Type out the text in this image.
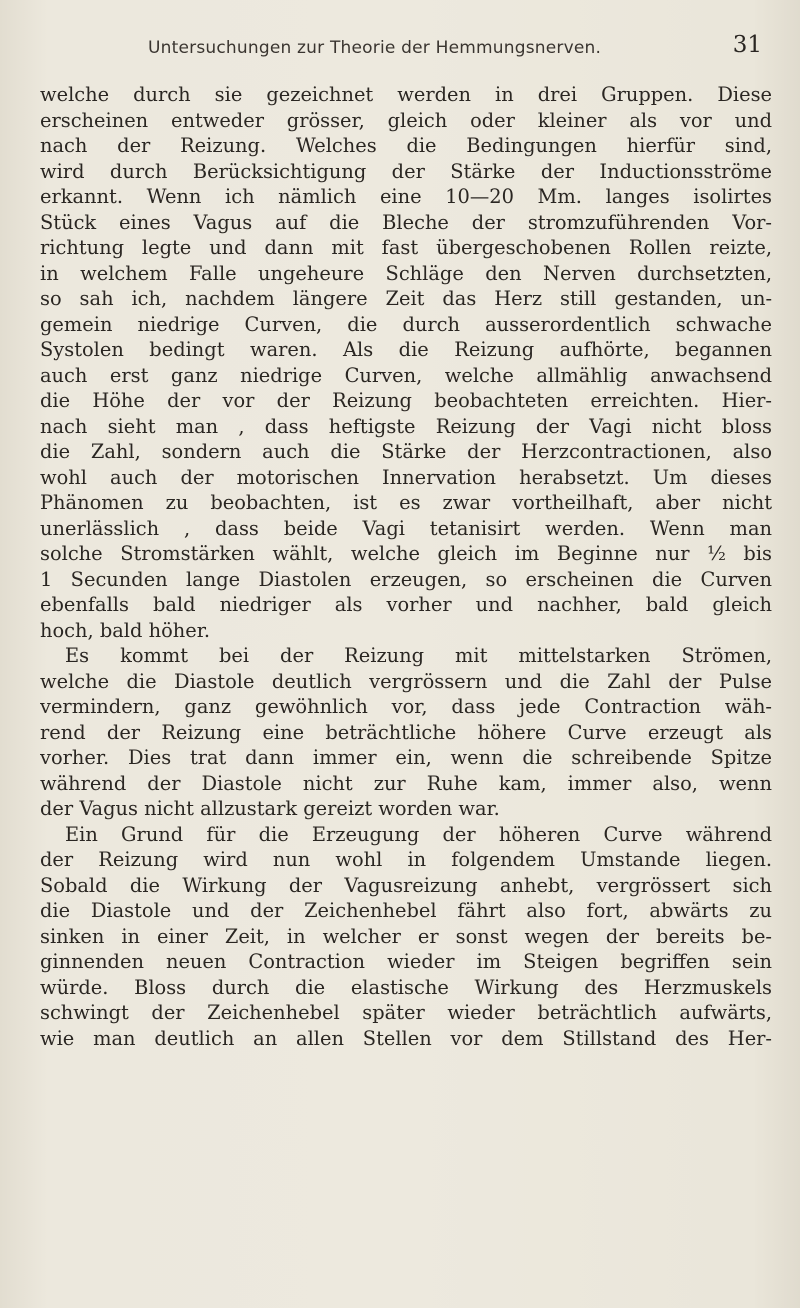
Untersuchungen zur Theorie der Hemmungsnerven.	31
welche durch sie gezeichnet werden in drei Gruppen. Diese
erscheinen entweder grösser, gleich oder kleiner als vor und
nach der Reizung. Welches die Bedingungen hierfür sind,
wird durch Berücksichtigung der Stärke der Inductionsströme
erkannt. Wenn ich nämlich eine 10—20 Mm. langes isolirtes
Stück eines Vagus auf die Bleche der stromzuführenden Vor-
richtung legte und dann mit fast übergeschobenen Rollen reizte,
in welchem Falle ungeheure Schläge den Nerven durchsetzten,
so sah ich, nachdem längere Zeit das Herz still gestanden, un-
gemein niedrige Curven, die durch ausserordentlich schwache
Systolen bedingt waren. Als die Reizung aufhörte, begannen
auch erst ganz niedrige Curven, welche allmählig anwachsend
die Höhe der vor der Reizung beobachteten erreichten. Hier-
nach sieht man , dass heftigste Reizung der Vagi nicht bloss
die Zahl, sondern auch die Stärke der Herzcontractionen, also
wohl auch der motorischen Innervation herabsetzt. Um dieses
Phänomen zu beobachten, ist es zwar vortheilhaft, aber nicht
unerlässlich , dass beide Vagi tetanisirt werden. Wenn man
solche Stromstärken wählt, welche gleich im Beginne nur ½ bis
1 Secunden lange Diastolen erzeugen, so erscheinen die Curven
ebenfalls bald niedriger als vorher und nachher, bald gleich
hoch, bald höher.
Es kommt bei der Reizung mit mittelstarken Strömen,
welche die Diastole deutlich vergrössern und die Zahl der Pulse
vermindern, ganz gewöhnlich vor, dass jede Contraction wäh-
rend der Reizung eine beträchtliche höhere Curve erzeugt als
vorher. Dies trat dann immer ein, wenn die schreibende Spitze
während der Diastole nicht zur Ruhe kam, immer also, wenn
der Vagus nicht allzustark gereizt worden war.
Ein Grund für die Erzeugung der höheren Curve während
der Reizung wird nun wohl in folgendem Umstande liegen.
Sobald die Wirkung der Vagusreizung anhebt, vergrössert sich
die Diastole und der Zeichenhebel fährt also fort, abwärts zu
sinken in einer Zeit, in welcher er sonst wegen der bereits be-
ginnenden neuen Contraction wieder im Steigen begriffen sein
würde. Bloss durch die elastische Wirkung des Herzmuskels
schwingt der Zeichenhebel später wieder beträchtlich aufwärts,
wie man deutlich an allen Stellen vor dem Stillstand des Her-
